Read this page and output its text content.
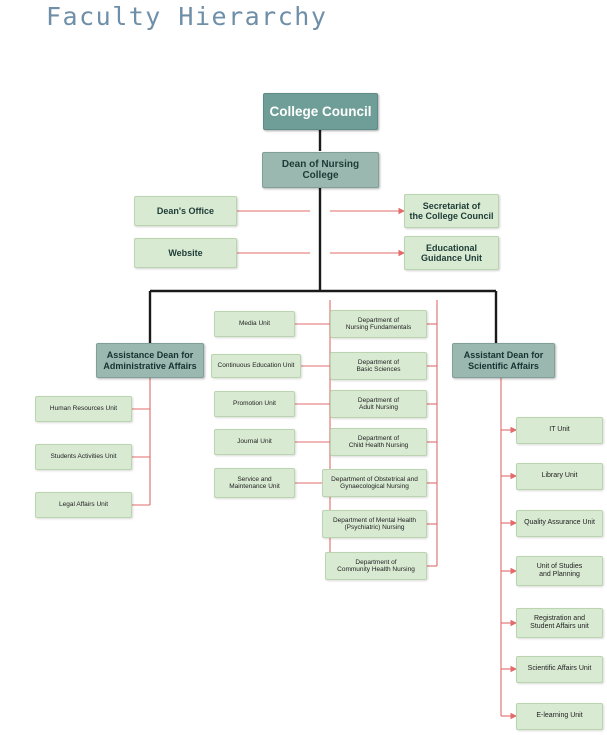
Faculty Hierarchy
College Council
Dean of Nursing College
Dean's Office
Website
Secretariat of
the College Council
Educational
Guidance Unit
Assistance Dean for
Administrative Affairs
Assistant Dean for
Scientific Affairs
Human Resources Unit
Students Activities Unit
Legal Affairs Unit
Media Unit
Continuous Education Unit
Promotion Unit
Journal Unit
Service and
Maintenance Unit
Department of
Nursing Fundamentals
Department of
Basic Sciences
Department of
Adult Nursing
Department of
Child Health Nursing
Department of Obstetrical and
Gynaecological Nursing
Department of Mental Health
(Psychiatric) Nursing
Department of
Community Health Nursing
IT Unit
Library Unit
Quality Assurance Unit
Unit of Studies
and Planning
Registration and
Student Affairs unit
Scientific Affairs Unit
E-learning Unit
